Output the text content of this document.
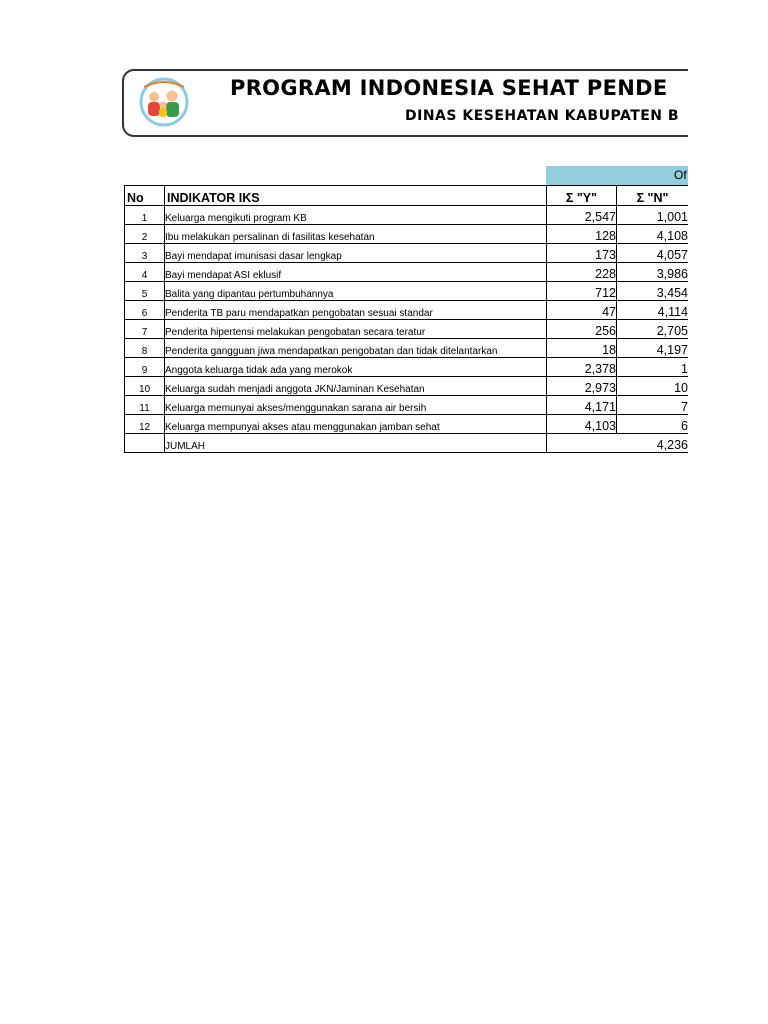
PROGRAM INDONESIA SEHAT PENDE
DINAS KESEHATAN KABUPATEN B
Of
No	INDIKATOR IKS	Σ "Y"	Σ "N"	
1	Keluarga mengikuti program KB	2,547	1,001	
2	Ibu melakukan persalinan di fasilitas kesehatan	128	4,108	
3	Bayi mendapat imunisasi dasar lengkap	173	4,057	
4	Bayi mendapat ASI eklusif	228	3,986	
5	Balita yang dipantau pertumbuhannya	712	3,454	
6	Penderita TB paru mendapatkan pengobatan sesuai standar	47	4,114	
7	Penderita hipertensi melakukan pengobatan secara teratur	256	2,705	
8	Penderita gangguan jiwa mendapatkan pengobatan dan tidak ditelantarkan	18	4,197	
9	Anggota keluarga tidak ada yang merokok	2,378	1	
10	Keluarga sudah menjadi anggota JKN/Jaminan Kesehatan	2,973	10	
11	Keluarga memunyai akses/menggunakan sarana air bersih	4,171	7	
12	Keluarga mempunyai akses atau menggunakan jamban sehat	4,103	6	
	JUMLAH	4,236		
